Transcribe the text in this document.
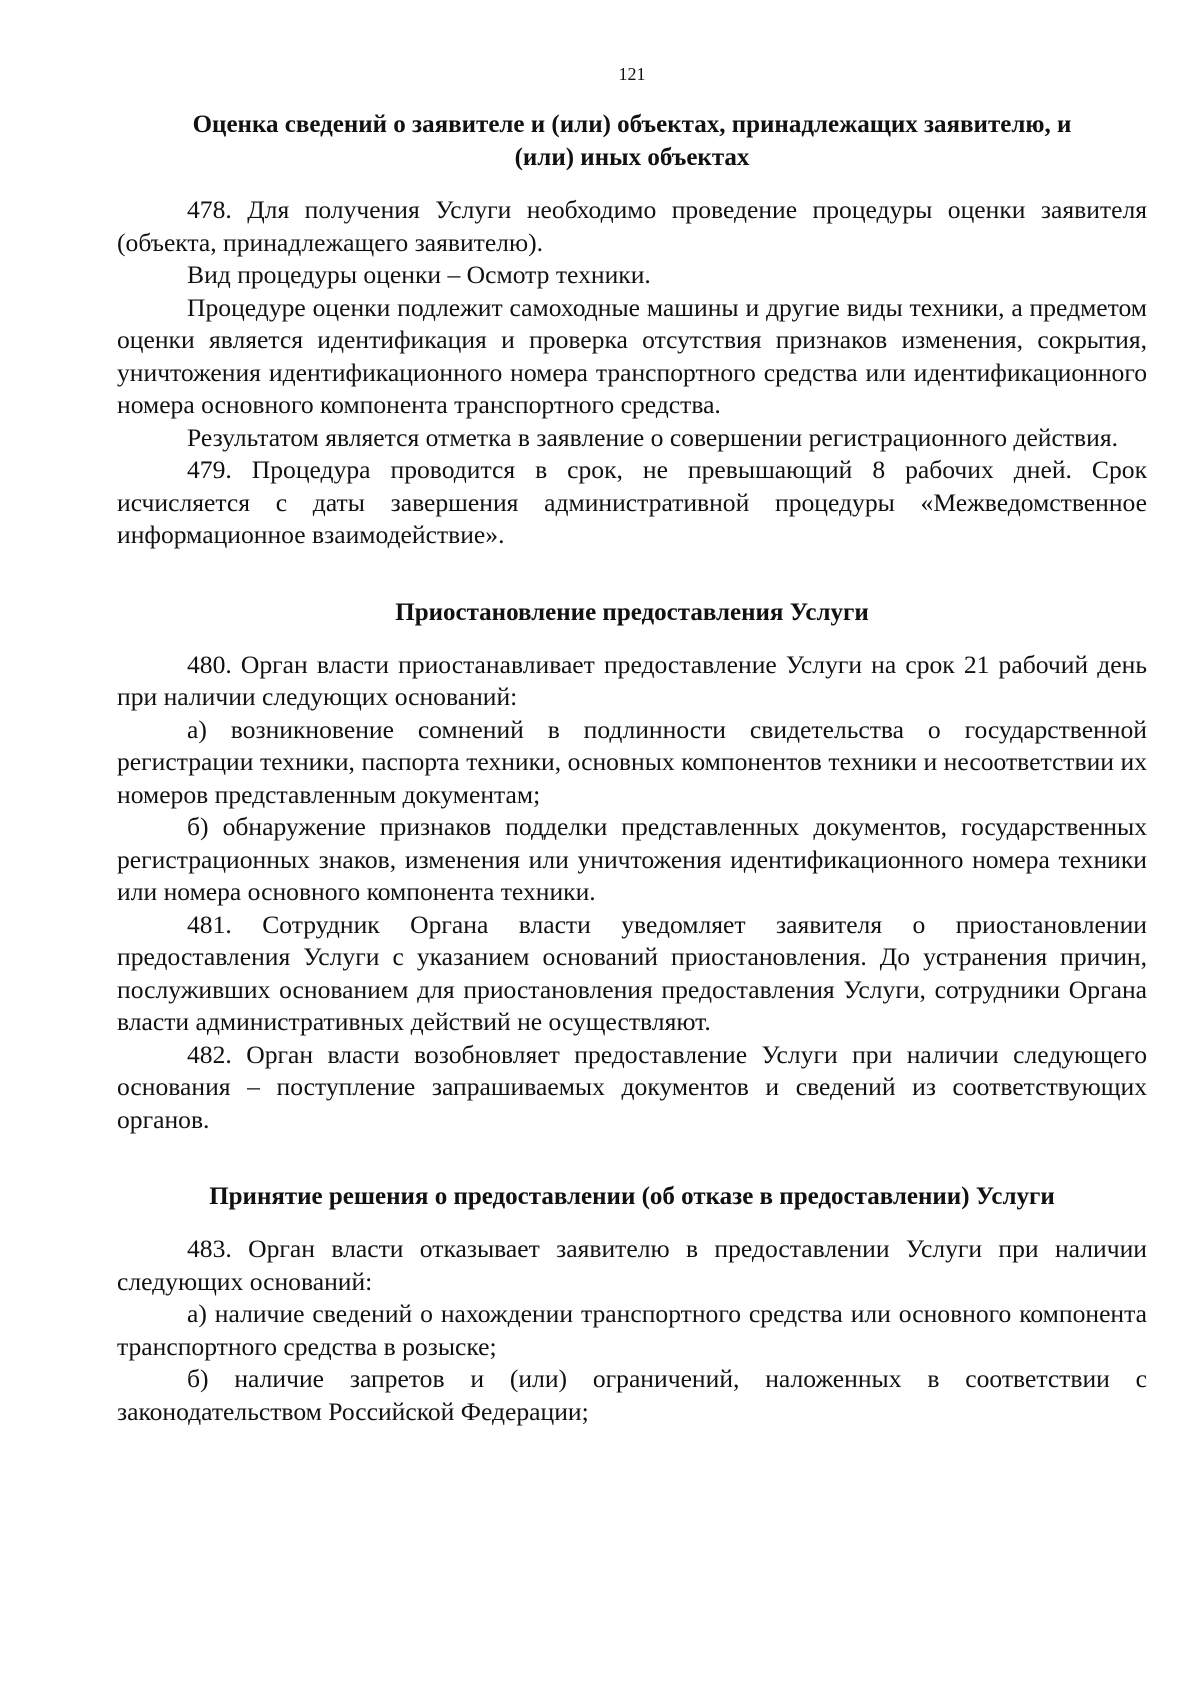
121

Оценка сведений о заявителе и (или) объектах, принадлежащих заявителю, и

(или) иных объектах

478. Для получения Услуги необходимо проведение процедуры оценки заявителя (объекта, принадлежащего заявителю).

Вид процедуры оценки – Осмотр техники.

Процедуре оценки подлежит самоходные машины и другие виды техники, а предметом оценки является идентификация и проверка отсутствия признаков изменения, сокрытия, уничтожения идентификационного номера транспортного средства или идентификационного номера основного компонента транспортного средства.

Результатом является отметка в заявление о совершении регистрационного действия.

479. Процедура проводится в срок, не превышающий 8 рабочих дней. Срок исчисляется с даты завершения административной процедуры «Межведомственное информационное взаимодействие».

Приостановление предоставления Услуги

480. Орган власти приостанавливает предоставление Услуги на срок 21 рабочий день при наличии следующих оснований:

а) возникновение сомнений в подлинности свидетельства о государственной регистрации техники, паспорта техники, основных компонентов техники и несоответствии их номеров представленным документам;

б) обнаружение признаков подделки представленных документов, государственных регистрационных знаков, изменения или уничтожения идентификационного номера техники или номера основного компонента техники.

481. Сотрудник Органа власти уведомляет заявителя о приостановлении предоставления Услуги с указанием оснований приостановления. До устранения причин, послуживших основанием для приостановления предоставления Услуги, сотрудники Органа власти административных действий не осуществляют.

482. Орган власти возобновляет предоставление Услуги при наличии следующего основания – поступление запрашиваемых документов и сведений из соответствующих органов.

Принятие решения о предоставлении (об отказе в предоставлении) Услуги

483. Орган власти отказывает заявителю в предоставлении Услуги при наличии следующих оснований:

а) наличие сведений о нахождении транспортного средства или основного компонента транспортного средства в розыске;

б) наличие запретов и (или) ограничений, наложенных в соответствии с законодательством Российской Федерации;
